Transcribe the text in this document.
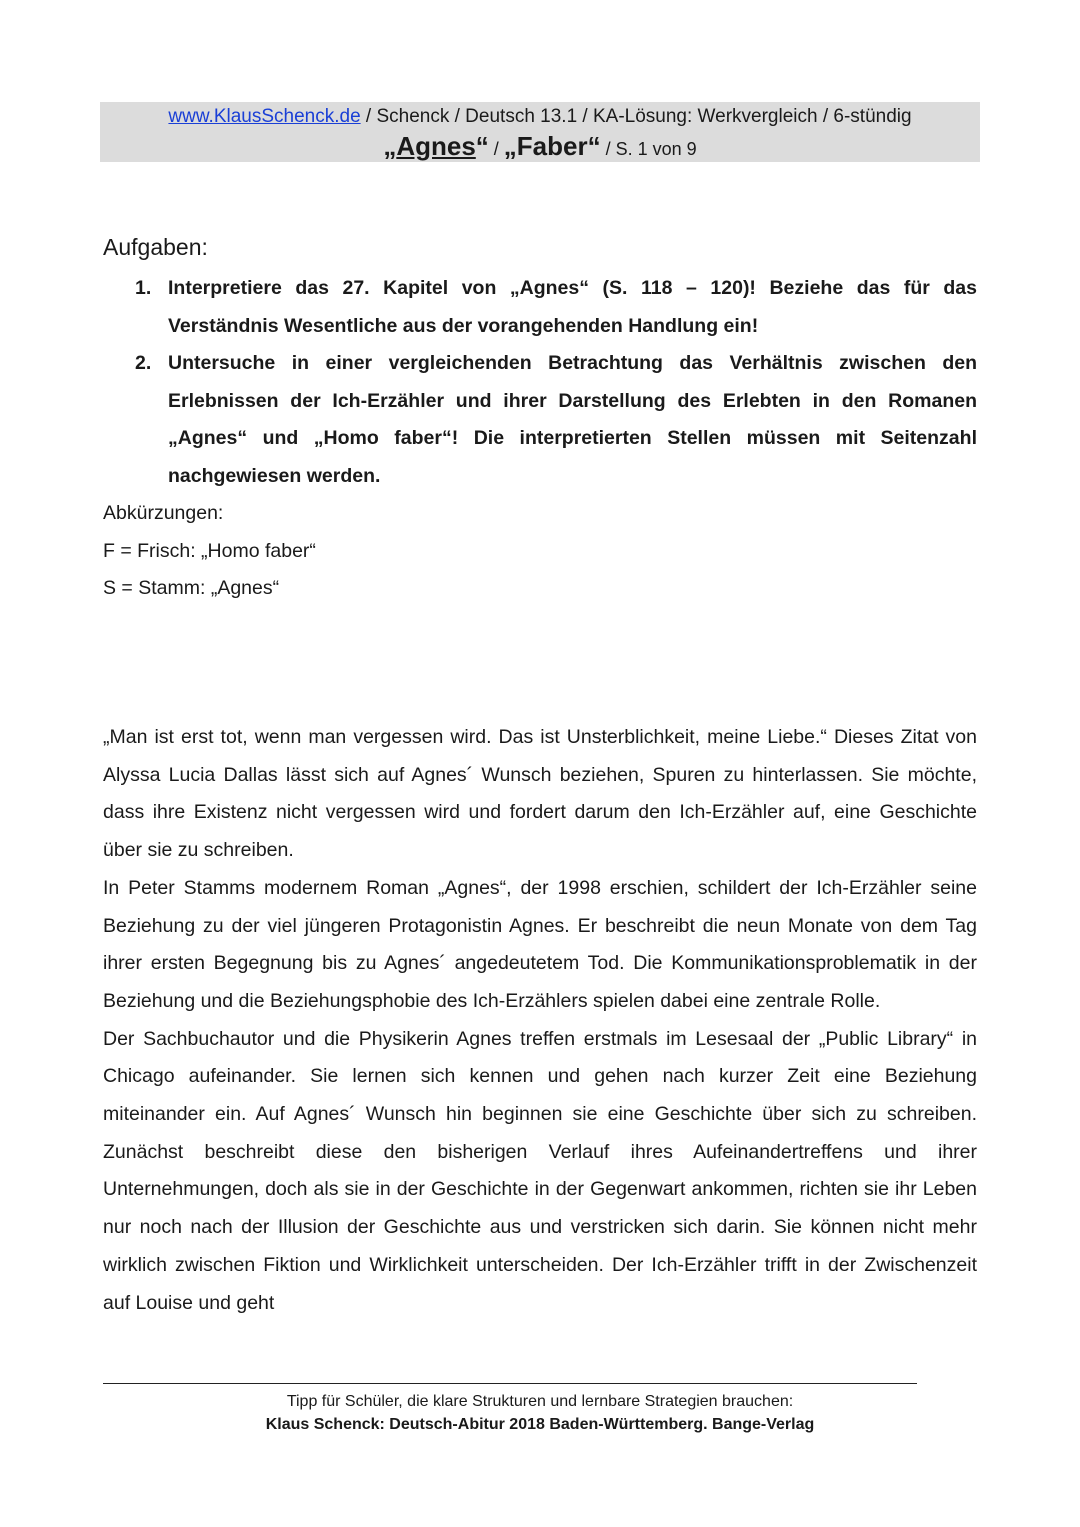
www.KlausSchenck.de / Schenck / Deutsch 13.1 / KA-Lösung: Werkvergleich / 6-stündig
„Agnes“ / „Faber“ / S. 1 von 9
Aufgaben:
1. Interpretiere das 27. Kapitel von „Agnes“ (S. 118 – 120)! Beziehe das für das Verständnis Wesentliche aus der vorangehenden Handlung ein!
2. Untersuche in einer vergleichenden Betrachtung das Verhältnis zwischen den Erlebnissen der Ich-Erzähler und ihrer Darstellung des Erlebten in den Romanen „Agnes“ und „Homo faber“! Die interpretierten Stellen müssen mit Seitenzahl nachgewiesen werden.
Abkürzungen:
F = Frisch: „Homo faber“
S = Stamm: „Agnes“

„Man ist erst tot, wenn man vergessen wird. Das ist Unsterblichkeit, meine Liebe.“ Dieses Zitat von Alyssa Lucia Dallas lässt sich auf Agnes´ Wunsch beziehen, Spuren zu hinterlassen. Sie möchte, dass ihre Existenz nicht vergessen wird und fordert darum den Ich-Erzähler auf, eine Geschichte über sie zu schreiben.

In Peter Stamms modernem Roman „Agnes“, der 1998 erschien, schildert der Ich-Erzähler seine Beziehung zu der viel jüngeren Protagonistin Agnes. Er beschreibt die neun Monate von dem Tag ihrer ersten Begegnung bis zu Agnes´ angedeutetem Tod. Die Kommunikationsproblematik in der Beziehung und die Beziehungsphobie des Ich-Erzählers spielen dabei eine zentrale Rolle.

Der Sachbuchautor und die Physikerin Agnes treffen erstmals im Lesesaal der „Public Library“ in Chicago aufeinander. Sie lernen sich kennen und gehen nach kurzer Zeit eine Beziehung miteinander ein. Auf Agnes´ Wunsch hin beginnen sie eine Geschichte über sich zu schreiben. Zunächst beschreibt diese den bisherigen Verlauf ihres Aufeinandertreffens und ihrer Unternehmungen, doch als sie in der Geschichte in der Gegenwart ankommen, richten sie ihr Leben nur noch nach der Illusion der Geschichte aus und verstricken sich darin. Sie können nicht mehr wirklich zwischen Fiktion und Wirklichkeit unterscheiden. Der Ich-Erzähler trifft in der Zwischenzeit auf Louise und geht

Tipp für Schüler, die klare Strukturen und lernbare Strategien brauchen:
Klaus Schenck: Deutsch-Abitur 2018 Baden-Württemberg. Bange-Verlag
